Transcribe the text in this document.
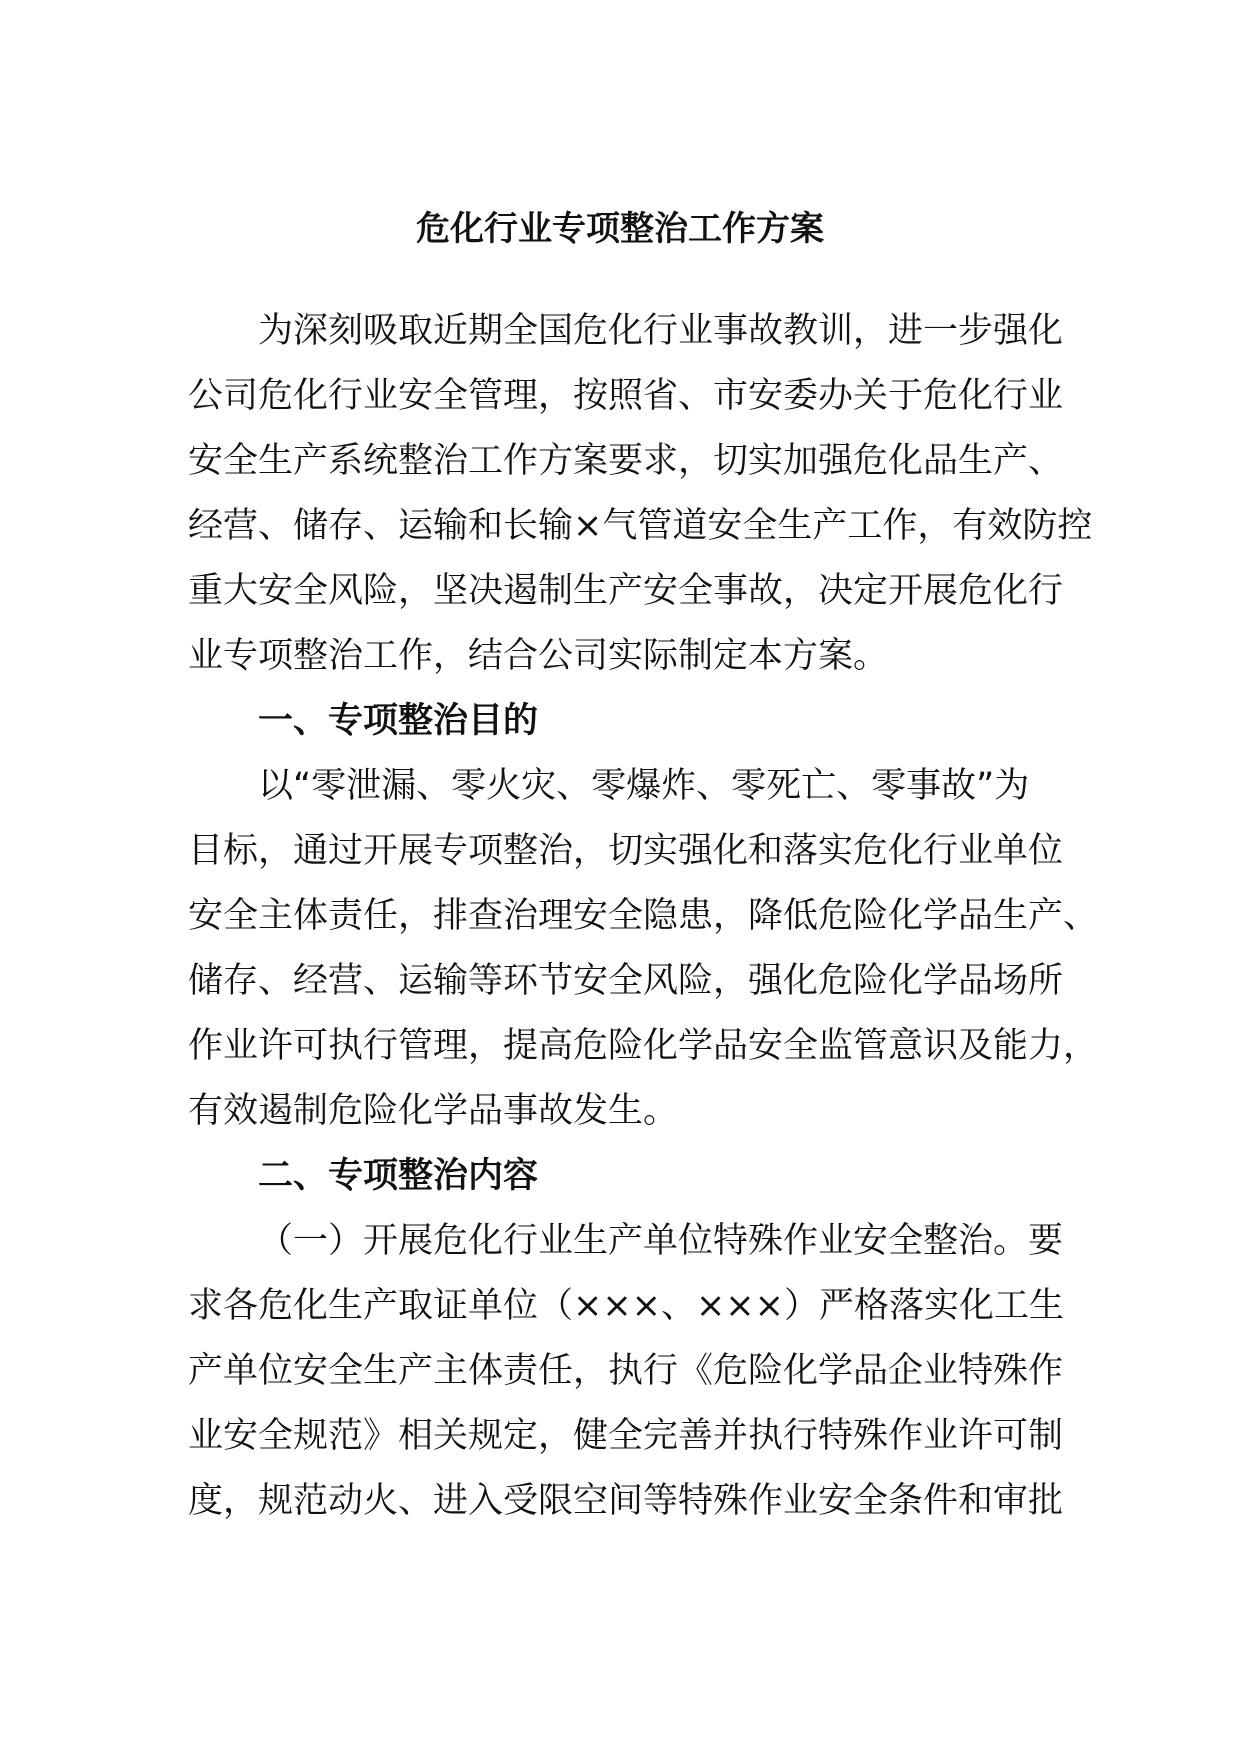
危化行业专项整治工作方案
为深刻吸取近期全国危化行业事故教训，进一步强化
公司危化行业安全管理，按照省、市安委办关于危化行业
安全生产系统整治工作方案要求，切实加强危化品生产、
经营、储存、运输和长输×气管道安全生产工作，有效防控
重大安全风险，坚决遏制生产安全事故，决定开展危化行
业专项整治工作，结合公司实际制定本方案。
一、专项整治目的
以“零泄漏、零火灾、零爆炸、零死亡、零事故”为
目标，通过开展专项整治，切实强化和落实危化行业单位
安全主体责任，排查治理安全隐患，降低危险化学品生产、
储存、经营、运输等环节安全风险，强化危险化学品场所
作业许可执行管理，提高危险化学品安全监管意识及能力，
有效遏制危险化学品事故发生。
二、专项整治内容
（一）开展危化行业生产单位特殊作业安全整治。要
求各危化生产取证单位（×××、×××）严格落实化工生
产单位安全生产主体责任，执行《危险化学品企业特殊作
业安全规范》相关规定，健全完善并执行特殊作业许可制
度，规范动火、进入受限空间等特殊作业安全条件和审批
